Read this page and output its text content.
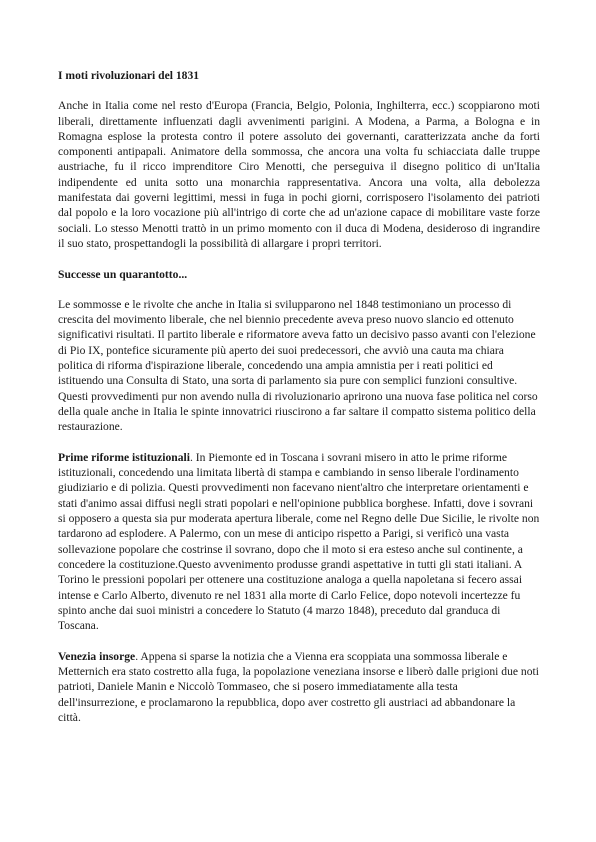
I moti rivoluzionari del 1831

Anche in Italia come nel resto d'Europa (Francia, Belgio, Polonia, Inghilterra, ecc.) scoppiarono moti liberali, direttamente influenzati dagli avvenimenti parigini. A Modena, a Parma, a Bologna e in Romagna esplose la protesta contro il potere assoluto dei governanti, caratterizzata anche da forti componenti antipapali. Animatore della sommossa, che ancora una volta fu schiacciata dalle truppe austriache, fu il ricco imprenditore Ciro Menotti, che perseguiva il disegno politico di un'Italia indipendente ed unita sotto una monarchia rappresentativa. Ancora una volta, alla debolezza manifestata dai governi legittimi, messi in fuga in pochi giorni, corrisposero l'isolamento dei patrioti dal popolo e la loro vocazione più all'intrigo di corte che ad un'azione capace di mobilitare vaste forze sociali. Lo stesso Menotti trattò in un primo momento con il duca di Modena, desideroso di ingrandire il suo stato, prospettandogli la possibilità di allargare i propri territori.

Successe un quarantotto...

Le sommosse e le rivolte che anche in Italia si svilupparono nel 1848 testimoniano un processo di crescita del movimento liberale, che nel biennio precedente aveva preso nuovo slancio ed ottenuto significativi risultati. Il partito liberale e riformatore aveva fatto un decisivo passo avanti con l'elezione di Pio IX, pontefice sicuramente più aperto dei suoi predecessori, che avviò una cauta ma chiara politica di riforma d'ispirazione liberale, concedendo una ampia amnistia per i reati politici ed istituendo una Consulta di Stato, una sorta di parlamento sia pure con semplici funzioni consultive. Questi provvedimenti pur non avendo nulla di rivoluzionario aprirono una nuova fase politica nel corso della quale anche in Italia le spinte innovatrici riuscirono a far saltare il compatto sistema politico della restaurazione.

Prime riforme istituzionali. In Piemonte ed in Toscana i sovrani misero in atto le prime riforme istituzionali, concedendo una limitata libertà di stampa e cambiando in senso liberale l'ordinamento giudiziario e di polizia. Questi provvedimenti non facevano nient'altro che interpretare orientamenti e stati d'animo assai diffusi negli strati popolari e nell'opinione pubblica borghese. Infatti, dove i sovrani si opposero a questa sia pur moderata apertura liberale, come nel Regno delle Due Sicilie, le rivolte non tardarono ad esplodere. A Palermo, con un mese di anticipo rispetto a Parigi, si verificò una vasta sollevazione popolare che costrinse il sovrano, dopo che il moto si era esteso anche sul continente, a concedere la costituzione.Questo avvenimento produsse grandi aspettative in tutti gli stati italiani. A Torino le pressioni popolari per ottenere una costituzione analoga a quella napoletana si fecero assai intense e Carlo Alberto, divenuto re nel 1831 alla morte di Carlo Felice, dopo notevoli incertezze fu spinto anche dai suoi ministri a concedere lo Statuto (4 marzo 1848), preceduto dal granduca di Toscana.

Venezia insorge. Appena si sparse la notizia che a Vienna era scoppiata una sommossa liberale e Metternich era stato costretto alla fuga, la popolazione veneziana insorse e liberò dalle prigioni due noti patrioti, Daniele Manin e Niccolò Tommaseo, che si posero immediatamente alla testa dell'insurrezione, e proclamarono la repubblica, dopo aver costretto gli austriaci ad abbandonare la città.
